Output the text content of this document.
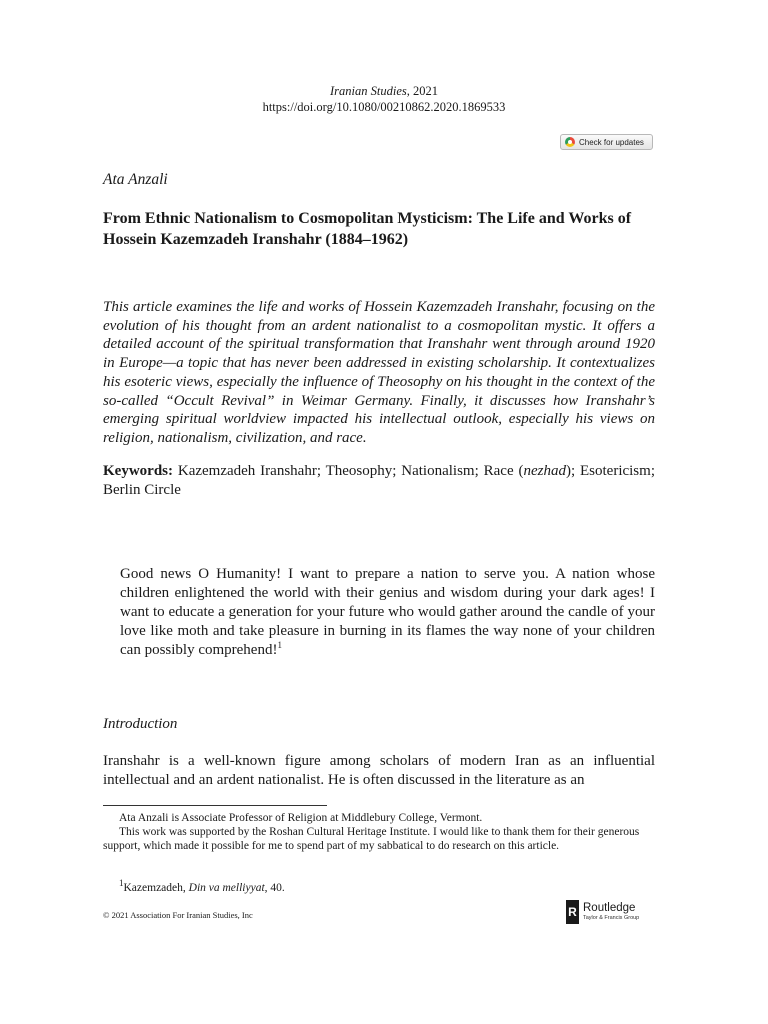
Iranian Studies, 2021
https://doi.org/10.1080/00210862.2020.1869533
Check for updates
Ata Anzali
From Ethnic Nationalism to Cosmopolitan Mysticism: The Life and Works of Hossein Kazemzadeh Iranshahr (1884–1962)
This article examines the life and works of Hossein Kazemzadeh Iranshahr, focusing on the evolution of his thought from an ardent nationalist to a cosmopolitan mystic. It offers a detailed account of the spiritual transformation that Iranshahr went through around 1920 in Europe—a topic that has never been addressed in existing scholarship. It contextualizes his esoteric views, especially the influence of Theosophy on his thought in the context of the so-called “Occult Revival” in Weimar Germany. Finally, it discusses how Iranshahr’s emerging spiritual worldview impacted his intellectual outlook, especially his views on religion, nationalism, civilization, and race.
Keywords: Kazemzadeh Iranshahr; Theosophy; Nationalism; Race (nezhad); Esotericism; Berlin Circle
Good news O Humanity! I want to prepare a nation to serve you. A nation whose children enlightened the world with their genius and wisdom during your dark ages! I want to educate a generation for your future who would gather around the candle of your love like moth and take pleasure in burning in its flames the way none of your children can possibly comprehend!$^1$
Introduction
Iranshahr is a well-known figure among scholars of modern Iran as an influential intellectual and an ardent nationalist. He is often discussed in the literature as an
Ata Anzali is Associate Professor of Religion at Middlebury College, Vermont.
This work was supported by the Roshan Cultural Heritage Institute. I would like to thank them for their generous support, which made it possible for me to spend part of my sabbatical to do research on this article.
$^1$Kazemzadeh, Din va melliyyat, 40.
© 2021 Association For Iranian Studies, Inc	R Routledge
Taylor & Francis Group
